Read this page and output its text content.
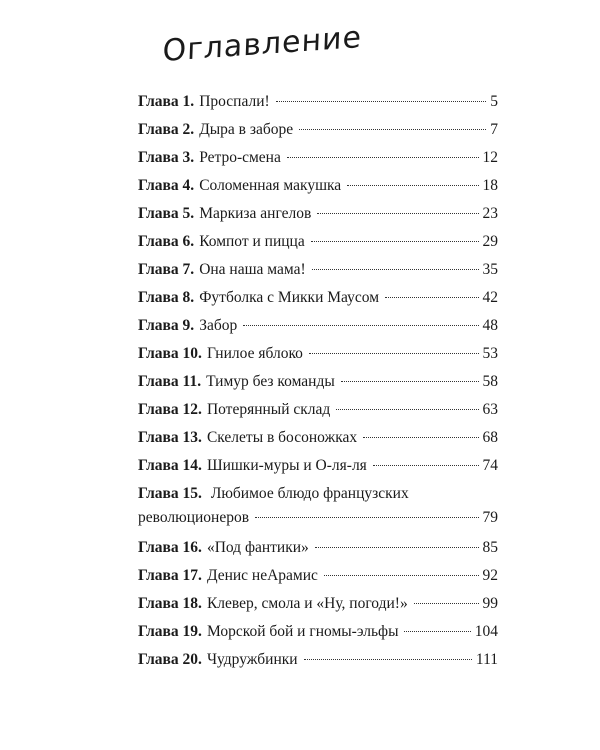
Оглавление
Глава 1. Проспали!	5
Глава 2. Дыра в заборе	7
Глава 3. Ретро-смена	12
Глава 4. Соломенная макушка	18
Глава 5. Маркиза ангелов	23
Глава 6. Компот и пицца	29
Глава 7. Она наша мама!	35
Глава 8. Футболка с Микки Маусом	42
Глава 9. Забор	48
Глава 10. Гнилое яблоко	53
Глава 11. Тимур без команды	58
Глава 12. Потерянный склад	63
Глава 13. Скелеты в босоножках	68
Глава 14. Шишки-муры и О-ля-ля	74
Глава 15. Любимое блюдо французских
революционеров	79
Глава 16. «Под фантики»	85
Глава 17. Денис неАрамис	92
Глава 18. Клевер, смола и «Ну, погоди!»	99
Глава 19. Морской бой и гномы-эльфы	104
Глава 20. Чудружбинки	111
